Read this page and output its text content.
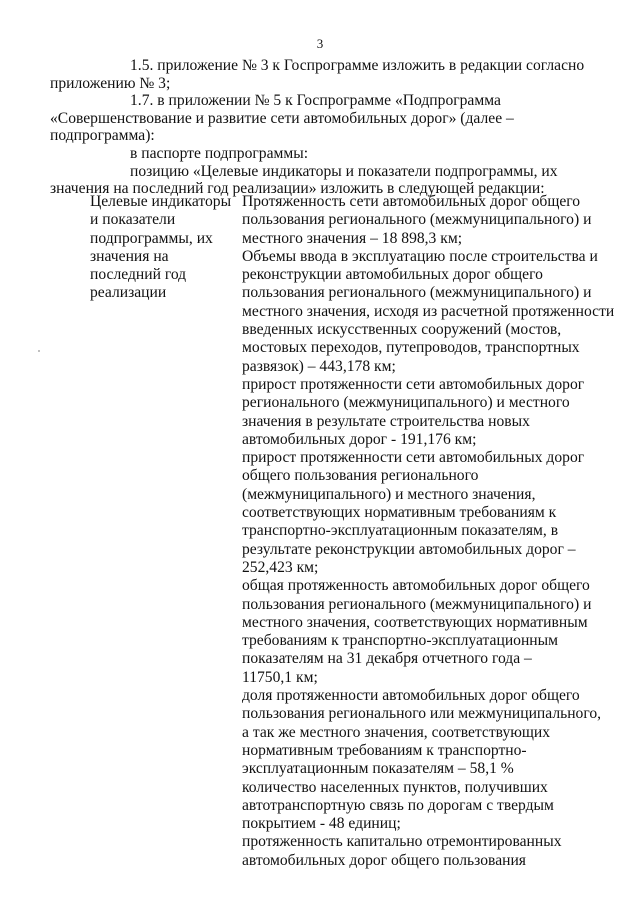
3

1.5. приложение № 3 к Госпрограмме изложить в редакции согласно
приложению № 3;

1.7. в приложении № 5 к Госпрограмме «Подпрограмма
«Совершенствование и развитие сети автомобильных дорог» (далее –
подпрограмма):

в паспорте подпрограммы:

позицию «Целевые индикаторы и показатели подпрограммы, их
значения на последний год реализации» изложить в следующей редакции:

Целевые индикаторы
и показатели
подпрограммы, их
значения на
последний год
реализации
Протяженность сети автомобильных дорог общего
пользования регионального (межмуниципального) и
местного значения – 18 898,3 км;
Объемы ввода в эксплуатацию после строительства и
реконструкции автомобильных дорог общего
пользования регионального (межмуниципального) и
местного значения, исходя из расчетной протяженности
введенных искусственных сооружений (мостов,
мостовых переходов, путепроводов, транспортных
развязок) – 443,178 км;
прирост протяженности сети автомобильных дорог
регионального (межмуниципального) и местного
значения в результате строительства новых
автомобильных дорог - 191,176 км;
прирост протяженности сети автомобильных дорог
общего пользования регионального
(межмуниципального) и местного значения,
соответствующих нормативным требованиям к
транспортно-эксплуатационным показателям, в
результате реконструкции автомобильных дорог –
252,423 км;
общая протяженность автомобильных дорог общего
пользования регионального (межмуниципального) и
местного значения, соответствующих нормативным
требованиям к транспортно-эксплуатационным
показателям на 31 декабря отчетного года –
11750,1 км;
доля протяженности автомобильных дорог общего
пользования регионального или межмуниципального,
а так же местного значения, соответствующих
нормативным требованиям к транспортно-
эксплуатационным показателям – 58,1 %
количество населенных пунктов, получивших
автотранспортную связь по дорогам с твердым
покрытием - 48 единиц;
протяженность капитально отремонтированных
автомобильных дорог общего пользования
